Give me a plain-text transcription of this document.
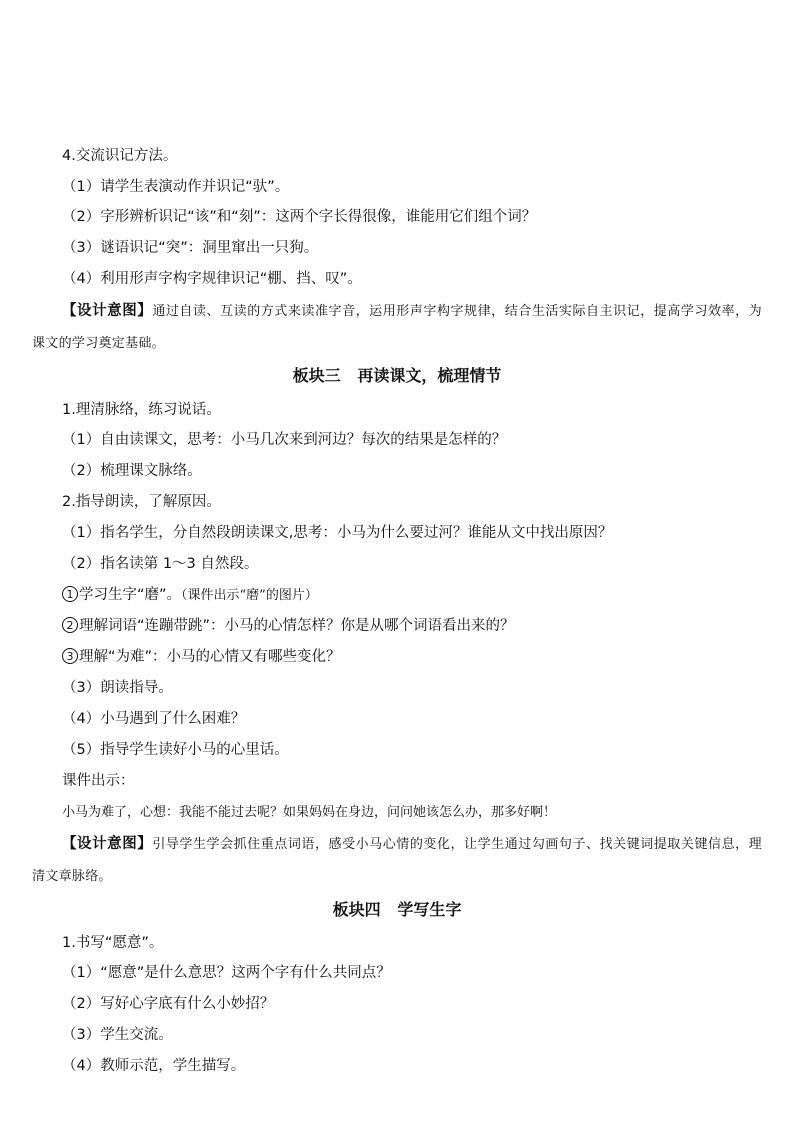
4.交流识记方法。
（1）请学生表演动作并识记“驮”。
（2）字形辨析识记“该”和“刻”：这两个字长得很像，谁能用它们组个词？
（3）谜语识记“突”：洞里窜出一只狗。
（4）利用形声字构字规律识记“棚、挡、叹”。
【设计意图】通过自读、互读的方式来读准字音，运用形声字构字规律，结合生活实际自主识记，提高学习效率，为课文的学习奠定基础。
板块三 再读课文，梳理情节
1.理清脉络，练习说话。
（1）自由读课文，思考：小马几次来到河边？每次的结果是怎样的？
（2）梳理课文脉络。
2.指导朗读，了解原因。
（1）指名学生，分自然段朗读课文,思考：小马为什么要过河？谁能从文中找出原因？
（2）指名读第 1～3 自然段。
1 学习生字“磨”。（课件出示“磨”的图片）
2 理解词语“连蹦带跳”：小马的心情怎样？你是从哪个词语看出来的？
3 理解“为难”：小马的心情又有哪些变化？
（3）朗读指导。
（4）小马遇到了什么困难？
（5）指导学生读好小马的心里话。
课件出示：
小马为难了，心想：我能不能过去呢？如果妈妈在身边，问问她该怎么办，那多好啊！
【设计意图】引导学生学会抓住重点词语，感受小马心情的变化，让学生通过勾画句子、找关键词提取关键信息，理清文章脉络。
板块四 学写生字
1.书写“愿意”。
（1）“愿意”是什么意思？这两个字有什么共同点？
（2）写好心字底有什么小妙招？
（3）学生交流。
（4）教师示范，学生描写。
